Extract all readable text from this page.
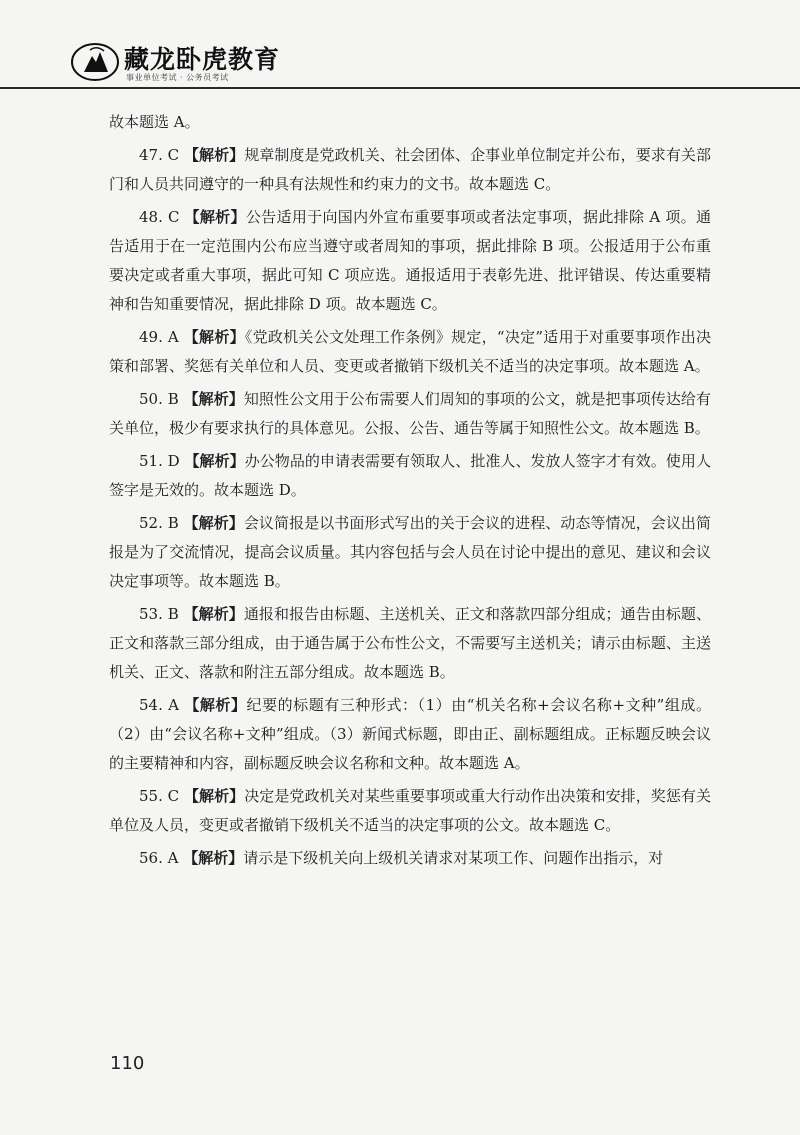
藏龙卧虎教育
事业单位考试 · 公务员考试

故本题选 A。

47. C 【解析】规章制度是党政机关、社会团体、企事业单位制定并公布，要求有关部门和人员共同遵守的一种具有法规性和约束力的文书。故本题选 C。

48. C 【解析】公告适用于向国内外宣布重要事项或者法定事项，据此排除 A 项。通告适用于在一定范围内公布应当遵守或者周知的事项，据此排除 B 项。公报适用于公布重要决定或者重大事项，据此可知 C 项应选。通报适用于表彰先进、批评错误、传达重要精神和告知重要情况，据此排除 D 项。故本题选 C。

49. A 【解析】《党政机关公文处理工作条例》规定，“决定”适用于对重要事项作出决策和部署、奖惩有关单位和人员、变更或者撤销下级机关不适当的决定事项。故本题选 A。

50. B 【解析】知照性公文用于公布需要人们周知的事项的公文，就是把事项传达给有关单位，极少有要求执行的具体意见。公报、公告、通告等属于知照性公文。故本题选 B。

51. D 【解析】办公物品的申请表需要有领取人、批准人、发放人签字才有效。使用人签字是无效的。故本题选 D。

52. B 【解析】会议简报是以书面形式写出的关于会议的进程、动态等情况，会议出简报是为了交流情况，提高会议质量。其内容包括与会人员在讨论中提出的意见、建议和会议决定事项等。故本题选 B。

53. B 【解析】通报和报告由标题、主送机关、正文和落款四部分组成；通告由标题、正文和落款三部分组成，由于通告属于公布性公文，不需要写主送机关；请示由标题、主送机关、正文、落款和附注五部分组成。故本题选 B。

54. A 【解析】纪要的标题有三种形式：（1）由“机关名称+会议名称+文种”组成。（2）由“会议名称+文种”组成。（3）新闻式标题，即由正、副标题组成。正标题反映会议的主要精神和内容，副标题反映会议名称和文种。故本题选 A。

55. C 【解析】决定是党政机关对某些重要事项或重大行动作出决策和安排，奖惩有关单位及人员，变更或者撤销下级机关不适当的决定事项的公文。故本题选 C。

56. A 【解析】请示是下级机关向上级机关请求对某项工作、问题作出指示，对

110
